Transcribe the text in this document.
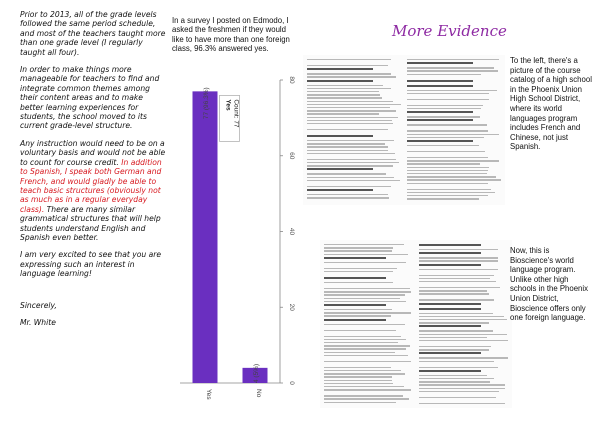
Prior to 2013, all of the grade levels followed the same period schedule, and most of the teachers taught more than one grade level (I regularly taught all four).

In order to make things more manageable for teachers to find and integrate common themes among their content areas and to make better learning experiences for students, the school moved to its current grade-level structure.

Any instruction would need to be on a voluntary basis and would not be able to count for course credit. In addition to Spanish, I speak both German and French, and would gladly be able to teach basic structures (obviously not as much as in a regular everyday class). There are many similar grammatical structures that will help students understand English and Spanish even better.

I am very excited to see that you are expressing such an interest in language learning!

Sincerely,

Mr. White

In a survey I posted on Edmodo, I asked the freshmen if they would like to have more than one foreign class, 96.3% answered yes.
0
20
40
60
80
77 (96.3%)
Yes
4 (5%)
No
Yes Count: 77
More Evidence
To the left, there's a picture of the course catalog of a high school in the Phoenix Union High School District, where its world languages program includes French and Chinese, not just Spanish.
Now, this is Bioscience's world language program. Unlike other high schools in the Phoenix Union District, Bioscience offers only one foreign language.
